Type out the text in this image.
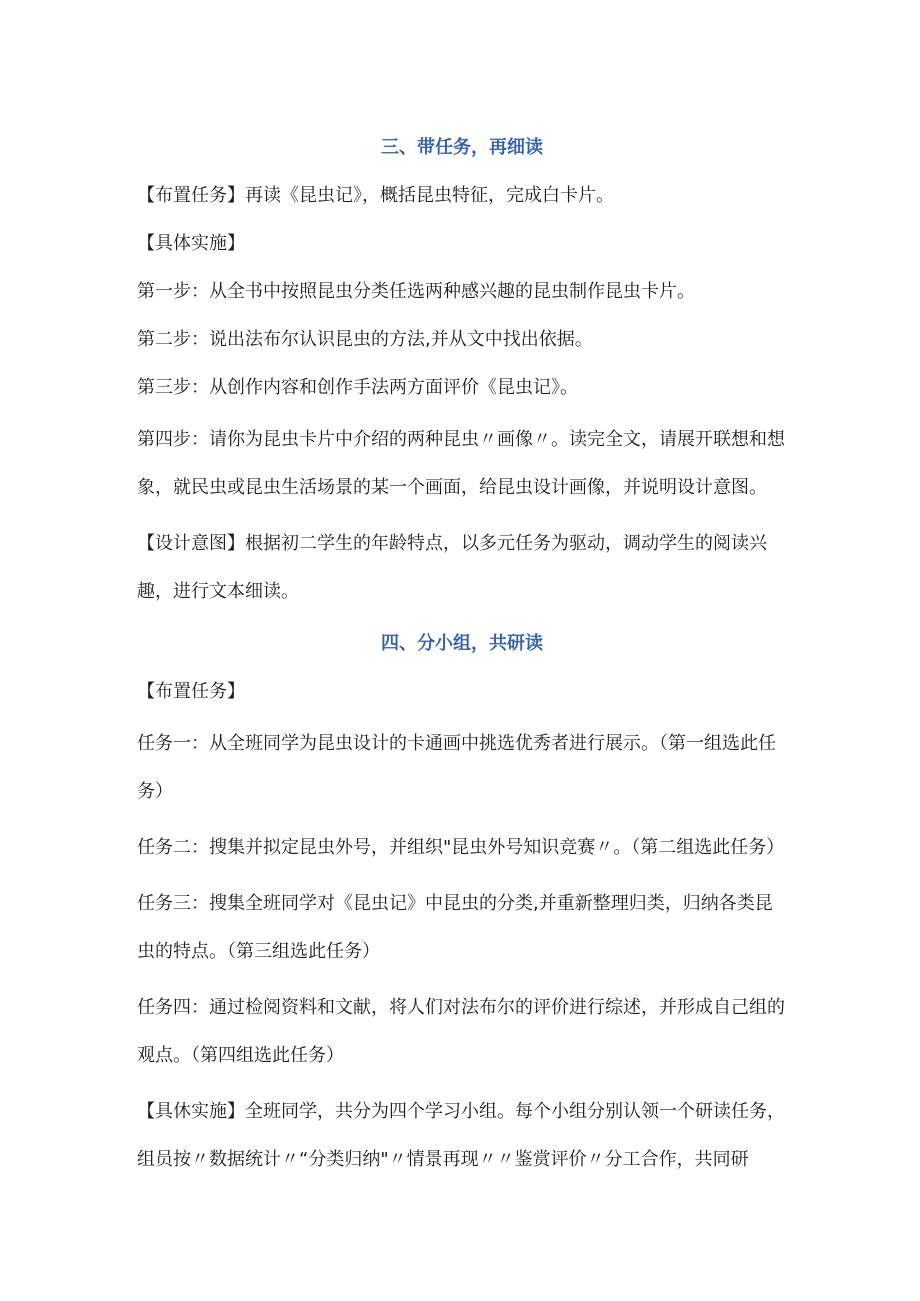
三、带任务，再细读

【布置任务】再读《昆虫记》，概括昆虫特征，完成白卡片。

【具体实施】

第一步：从全书中按照昆虫分类任选两种感兴趣的昆虫制作昆虫卡片。

第二步：说出法布尔认识昆虫的方法,并从文中找出依据。

第三步：从创作内容和创作手法两方面评价《昆虫记》。

第四步：请你为昆虫卡片中介绍的两种昆虫〃画像〃。读完全文，请展开联想和想象，就民虫或昆虫生活场景的某一个画面，给昆虫设计画像，并说明设计意图。

【设计意图】根据初二学生的年龄特点，以多元任务为驱动，调动学生的阅读兴趣，进行文本细读。

四、分小组，共研读

【布置任务】

任务一：从全班同学为昆虫设计的卡通画中挑选优秀者进行展示。（第一组选此任务）

任务二：搜集并拟定昆虫外号，并组织"昆虫外号知识竞赛〃。（第二组选此任务）

任务三：搜集全班同学对《昆虫记》中昆虫的分类,并重新整理归类，归纳各类昆虫的特点。（第三组选此任务）

任务四：通过检阅资料和文献，将人们对法布尔的评价进行综述，并形成自己组的观点。（第四组选此任务）

【具休实施】全班同学，共分为四个学习小组。每个小组分别认领一个研读任务，组员按〃数据统计〃“分类归纳"〃情景再现〃〃鉴赏评价〃分工合作，共同研
